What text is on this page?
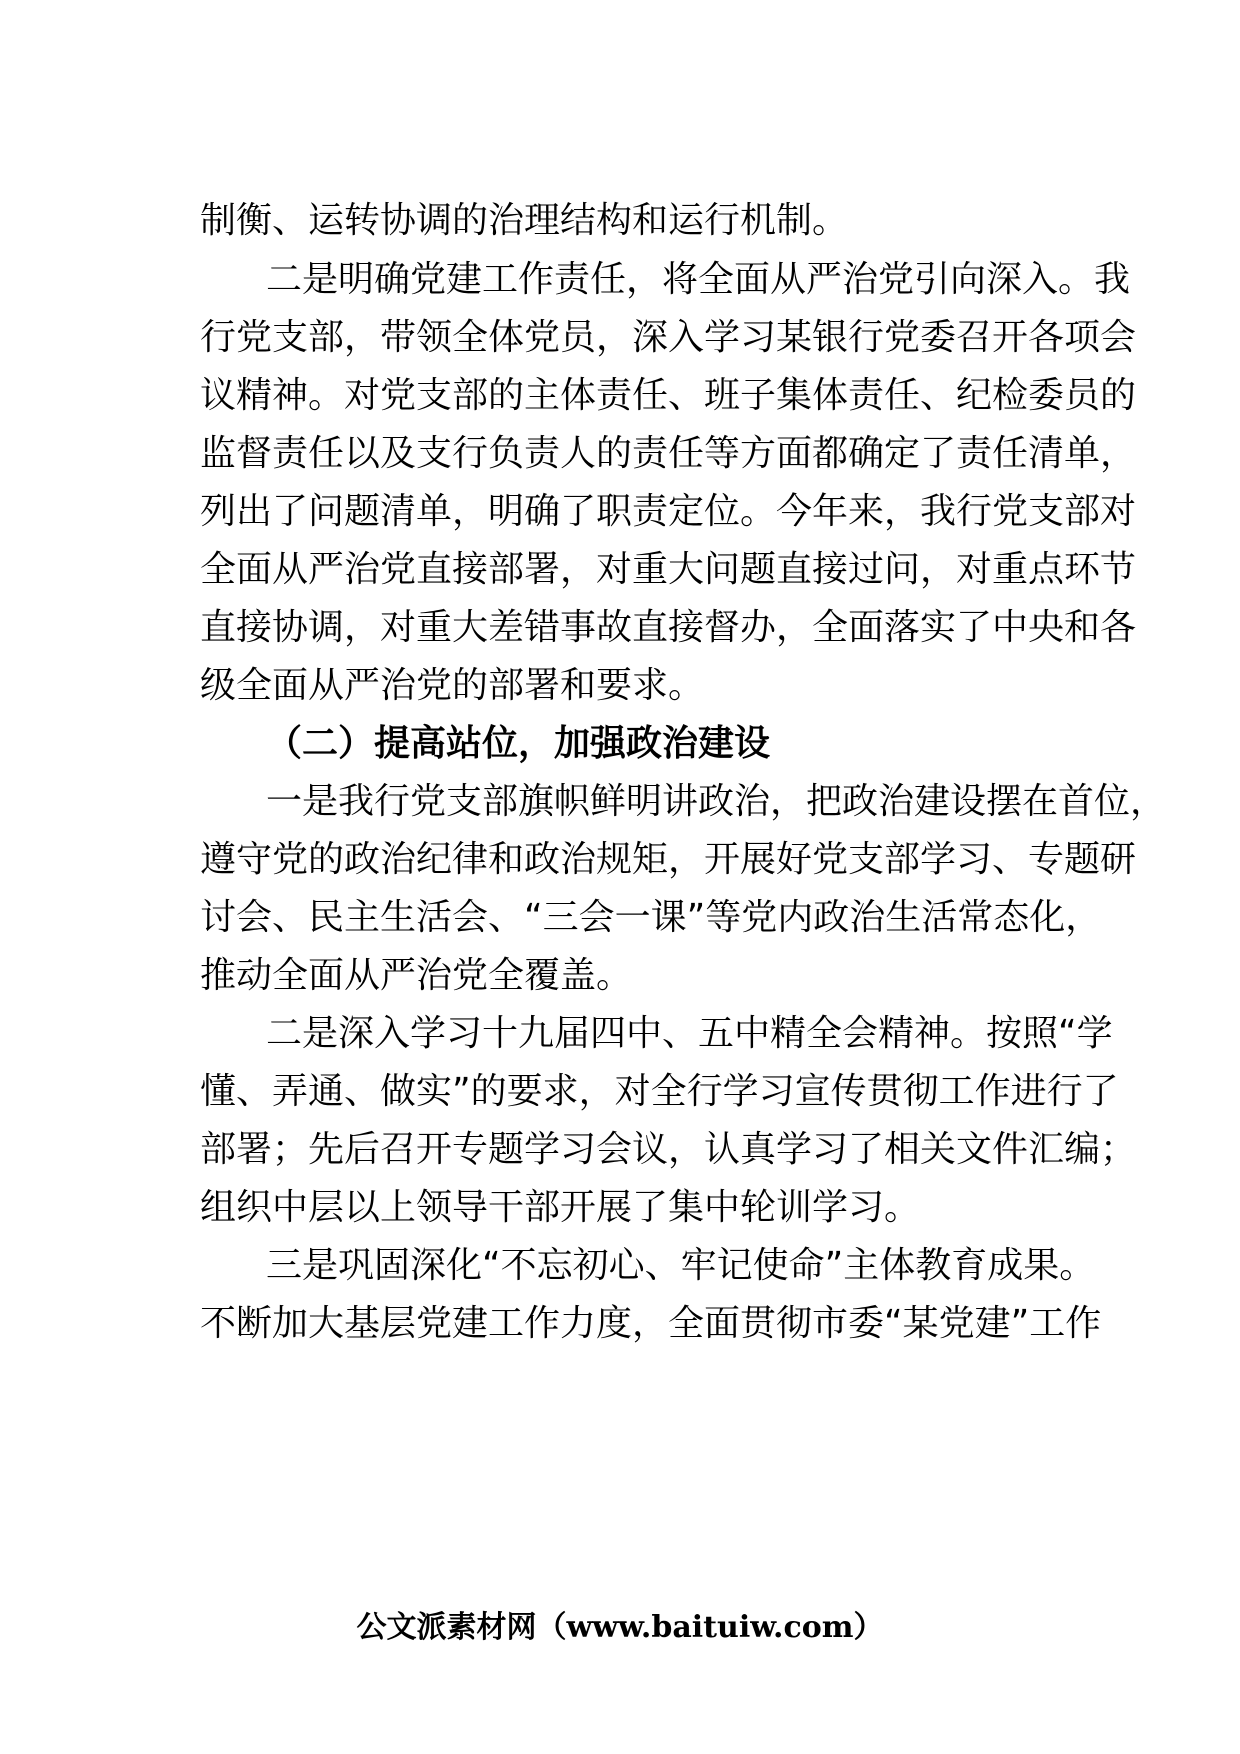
制衡、运转协调的治理结构和运行机制。
二是明确党建工作责任，将全面从严治党引向深入。我
行党支部，带领全体党员，深入学习某银行党委召开各项会
议精神。对党支部的主体责任、班子集体责任、纪检委员的
监督责任以及支行负责人的责任等方面都确定了责任清单，
列出了问题清单，明确了职责定位。今年来，我行党支部对
全面从严治党直接部署，对重大问题直接过问，对重点环节
直接协调，对重大差错事故直接督办，全面落实了中央和各
级全面从严治党的部署和要求。
（二）提高站位，加强政治建设
一是我行党支部旗帜鲜明讲政治，把政治建设摆在首位，
遵守党的政治纪律和政治规矩，开展好党支部学习、专题研
讨会、民主生活会、“三会一课”等党内政治生活常态化，
推动全面从严治党全覆盖。
二是深入学习十九届四中、五中精全会精神。按照“学
懂、弄通、做实”的要求，对全行学习宣传贯彻工作进行了
部署；先后召开专题学习会议，认真学习了相关文件汇编；
组织中层以上领导干部开展了集中轮训学习。
三是巩固深化“不忘初心、牢记使命”主体教育成果。
不断加大基层党建工作力度，全面贯彻市委“某党建”工作
公文派素材网（www.baituiw.com）
